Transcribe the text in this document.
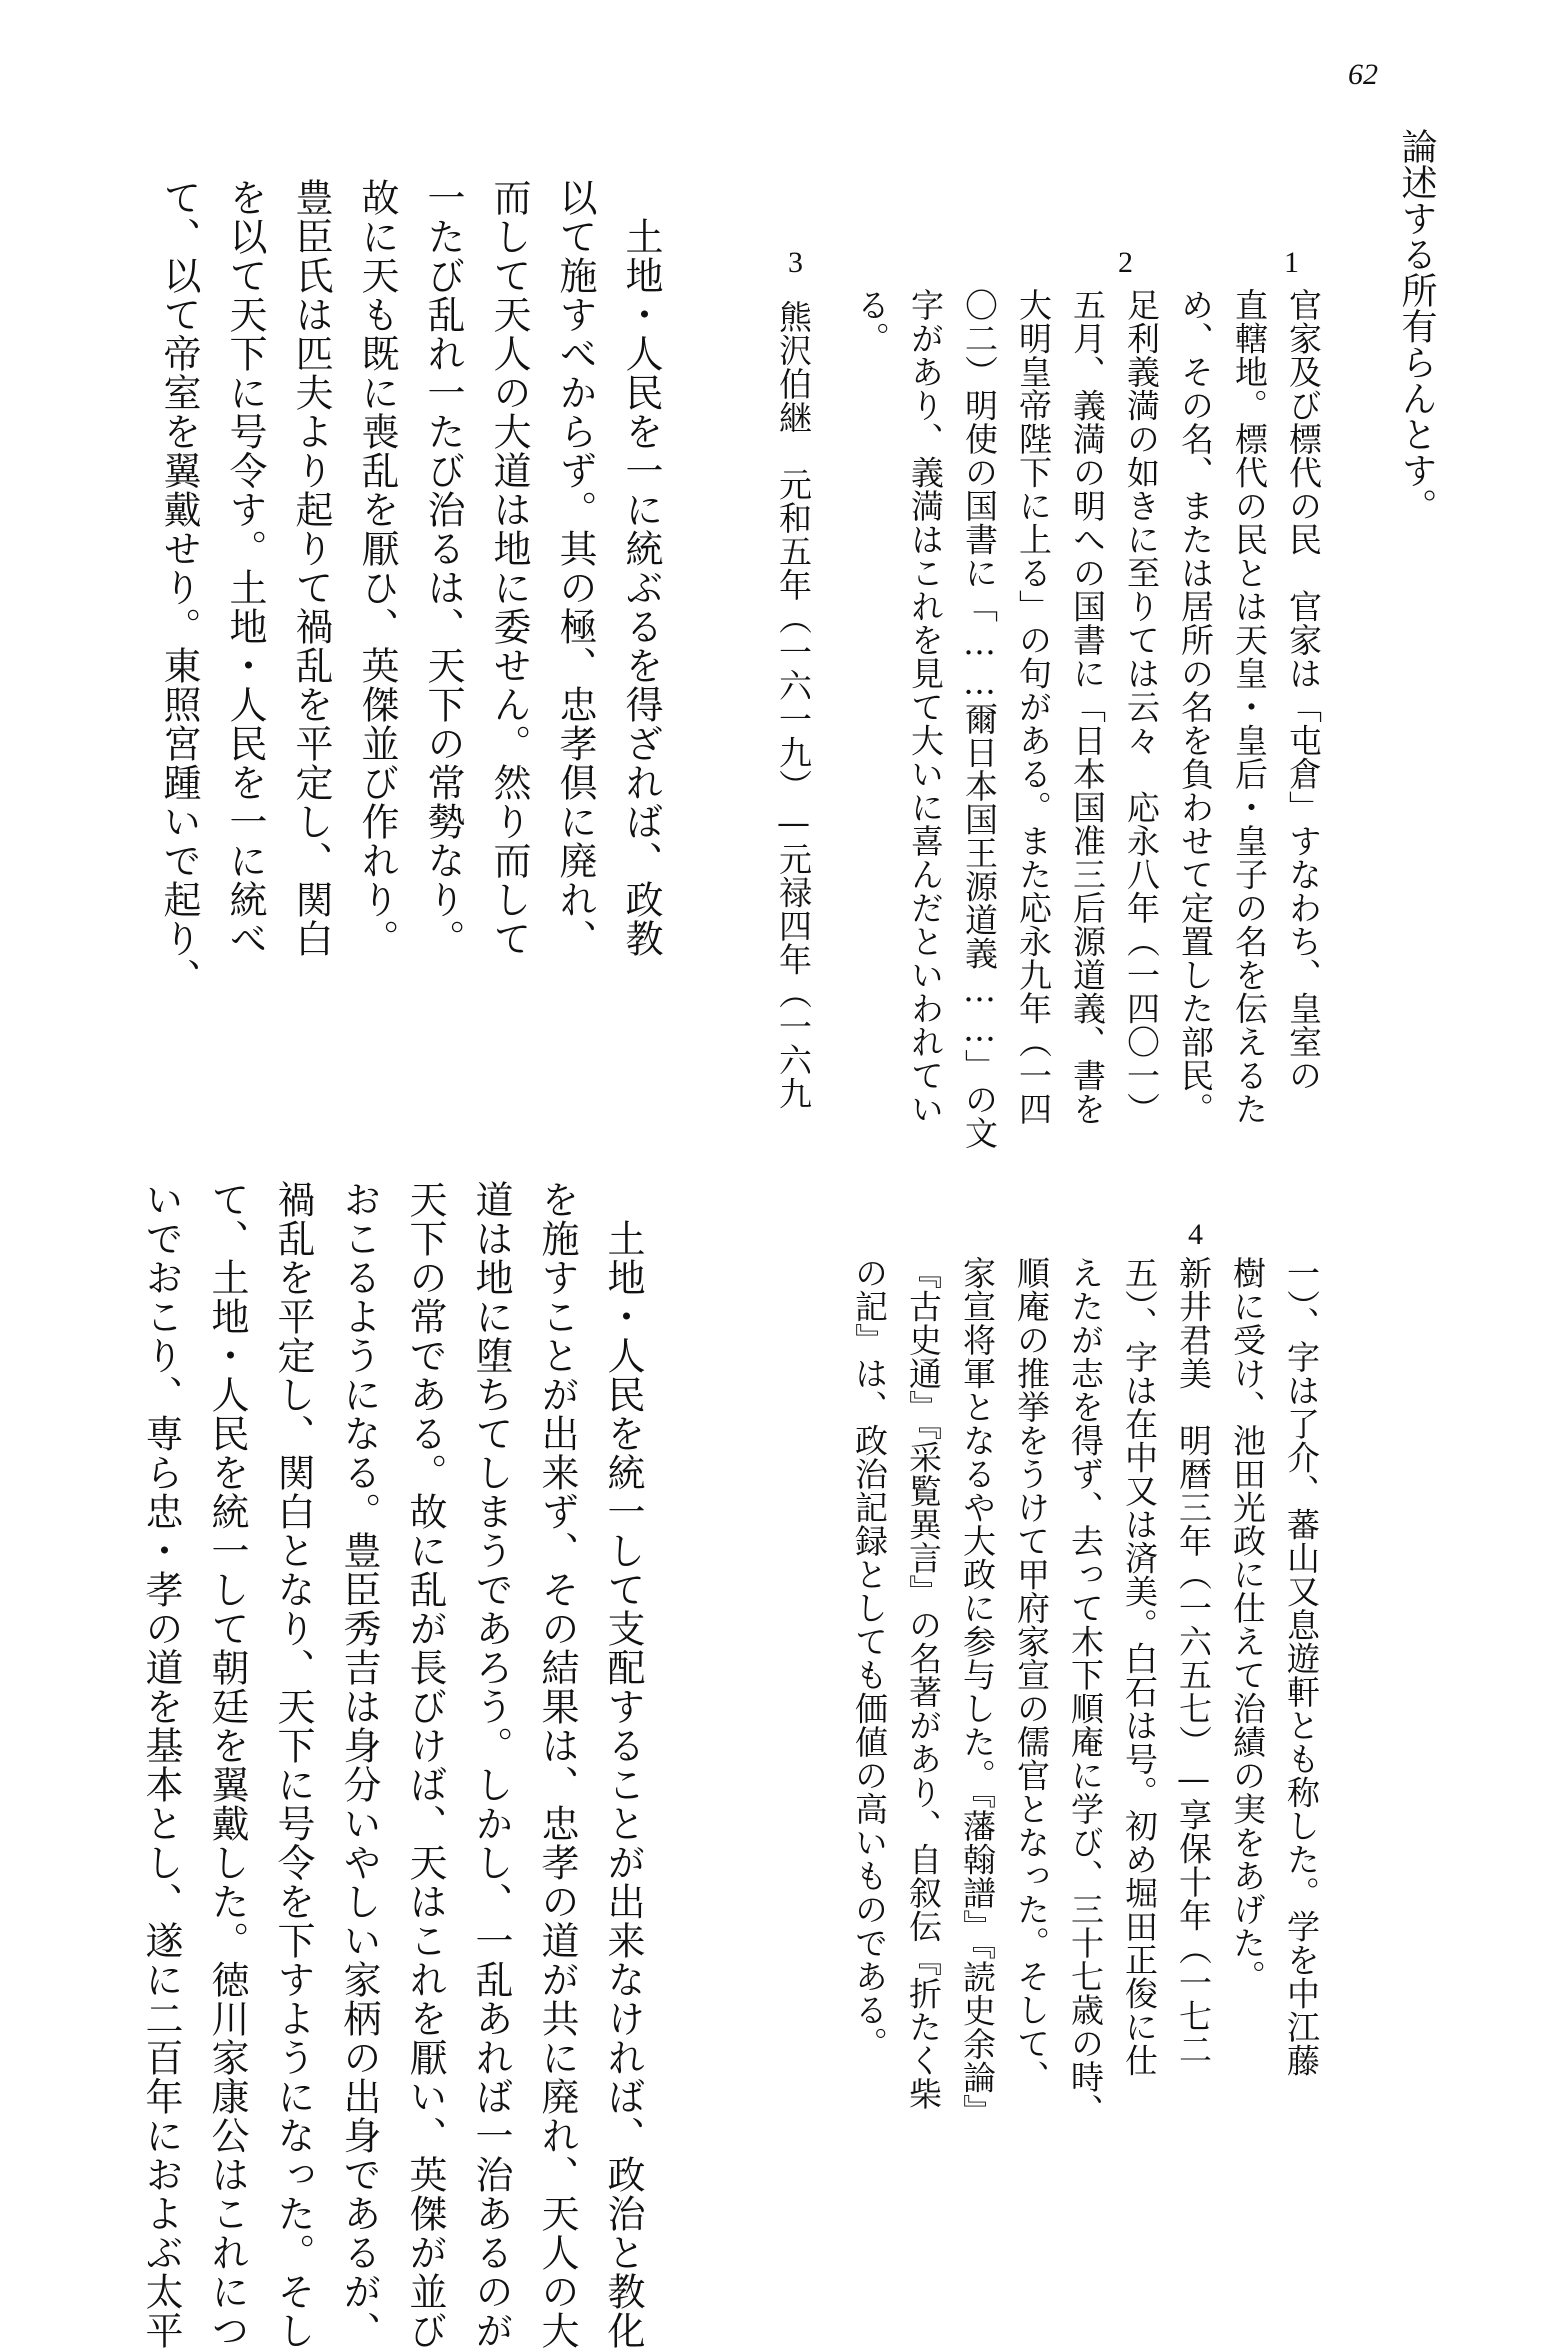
62
論述する所有らんとす。
1
官家及び標代の民　官家は「屯倉」すなわち、皇室の
直轄地。標代の民とは天皇・皇后・皇子の名を伝えるた
め、その名、または居所の名を負わせて定置した部民。
2
足利義満の如きに至りては云々　応永八年（一四〇一）
五月、義満の明への国書に「日本国准三后源道義、書を
大明皇帝陛下に上る」の句がある。また応永九年（一四
〇二）明使の国書に「……爾日本国王源道義……」の文
字があり、義満はこれを見て大いに喜んだといわれてい
る。
3
熊沢伯継　元和五年（一六一九）—元禄四年（一六九
4
一）、字は了介、蕃山又息遊軒とも称した。学を中江藤
樹に受け、池田光政に仕えて治績の実をあげた。
新井君美　明暦三年（一六五七）—享保十年（一七二
五）、字は在中又は済美。白石は号。初め堀田正俊に仕
えたが志を得ず、去って木下順庵に学び、三十七歳の時、
順庵の推挙をうけて甲府家宣の儒官となった。そして、
家宣将軍となるや大政に参与した。『藩翰譜』『読史余論』
『古史通』『采覧異言』の名著があり、自叙伝『折たく柴
の記』は、政治記録としても価値の高いものである。
　土地・人民を一に統ぶるを得ざれば、政教
以て施すべからず。其の極、忠孝倶に廃れ、
而して天人の大道は地に委せん。然り而して
一たび乱れ一たび治るは、天下の常勢なり。
故に天も既に喪乱を厭ひ、英傑並び作れり。
豊臣氏は匹夫より起りて禍乱を平定し、関白
を以て天下に号令す。土地・人民を一に統べ
て、以て帝室を翼戴せり。東照宮踵いで起り、
　土地・人民を統一して支配することが出来なければ、政治と教化
を施すことが出来ず、その結果は、忠孝の道が共に廃れ、天人の大
道は地に堕ちてしまうであろう。しかし、一乱あれば一治あるのが
天下の常である。故に乱が長びけば、天はこれを厭い、英傑が並び
おこるようになる。豊臣秀吉は身分いやしい家柄の出身であるが、
禍乱を平定し、関白となり、天下に号令を下すようになった。そし
て、土地・人民を統一して朝廷を翼戴した。徳川家康公はこれにつ
いでおこり、専ら忠・孝の道を基本とし、遂に二百年におよぶ太平
